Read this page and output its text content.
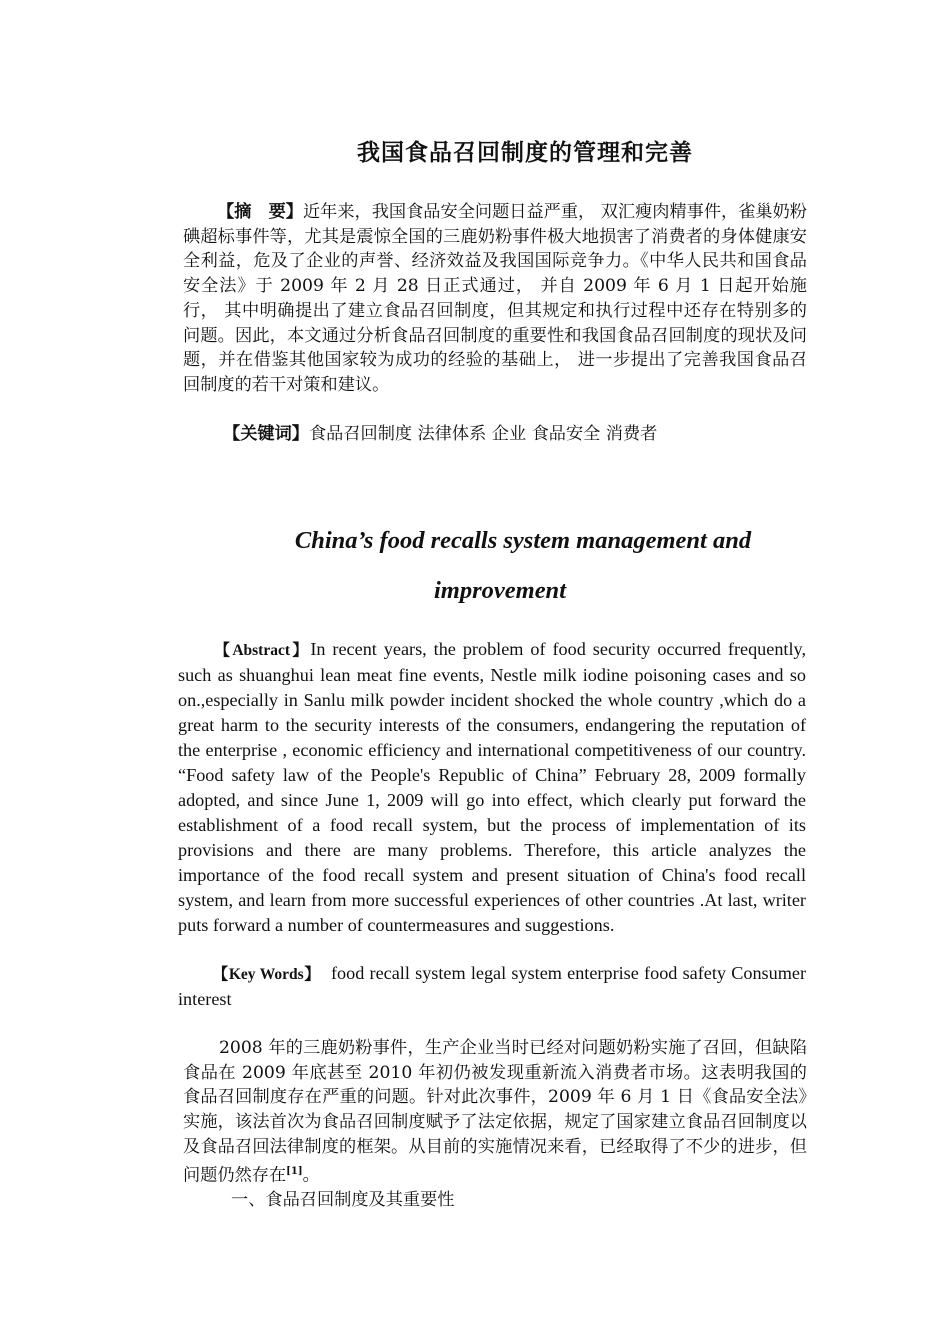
我国食品召回制度的管理和完善
【摘　要】近年来，我国食品安全问题日益严重， 双汇瘦肉精事件，雀巢奶粉碘超标事件等，尤其是震惊全国的三鹿奶粉事件极大地损害了消费者的身体健康安全利益，危及了企业的声誉、经济效益及我国国际竞争力。《中华人民共和国食品安全法》于 2009 年 2 月 28 日正式通过， 并自 2009 年 6 月 1 日起开始施行， 其中明确提出了建立食品召回制度，但其规定和执行过程中还存在特别多的问题。因此，本文通过分析食品召回制度的重要性和我国食品召回制度的现状及问题，并在借鉴其他国家较为成功的经验的基础上， 进一步提出了完善我国食品召回制度的若干对策和建议。
【关键词】食品召回制度 法律体系 企业 食品安全 消费者
China’s food recalls system management and
improvement
【Abstract】In recent years, the problem of food security occurred frequently, such as shuanghui lean meat fine events, Nestle milk iodine poisoning cases and so on.,especially in Sanlu milk powder incident shocked the whole country ,which do a great harm to the security interests of the consumers, endangering the reputation of the enterprise , economic efficiency and international competitiveness of our country. “Food safety law of the People's Republic of China” February 28, 2009 formally adopted, and since June 1, 2009 will go into effect, which clearly put forward the establishment of a food recall system, but the process of implementation of its provisions and there are many problems. Therefore, this article analyzes the importance of the food recall system and present situation of China's food recall system, and learn from more successful experiences of other countries .At last, writer puts forward a number of countermeasures and suggestions.
【Key Words】 food recall system legal system enterprise food safety Consumer interest
2008 年的三鹿奶粉事件，生产企业当时已经对问题奶粉实施了召回，但缺陷食品在 2009 年底甚至 2010 年初仍被发现重新流入消费者市场。这表明我国的食品召回制度存在严重的问题。针对此次事件，2009 年 6 月 1 日《食品安全法》实施，该法首次为食品召回制度赋予了法定依据，规定了国家建立食品召回制度以及食品召回法律制度的框架。从目前的实施情况来看，已经取得了不少的进步，但问题仍然存在[1]。
一、食品召回制度及其重要性
